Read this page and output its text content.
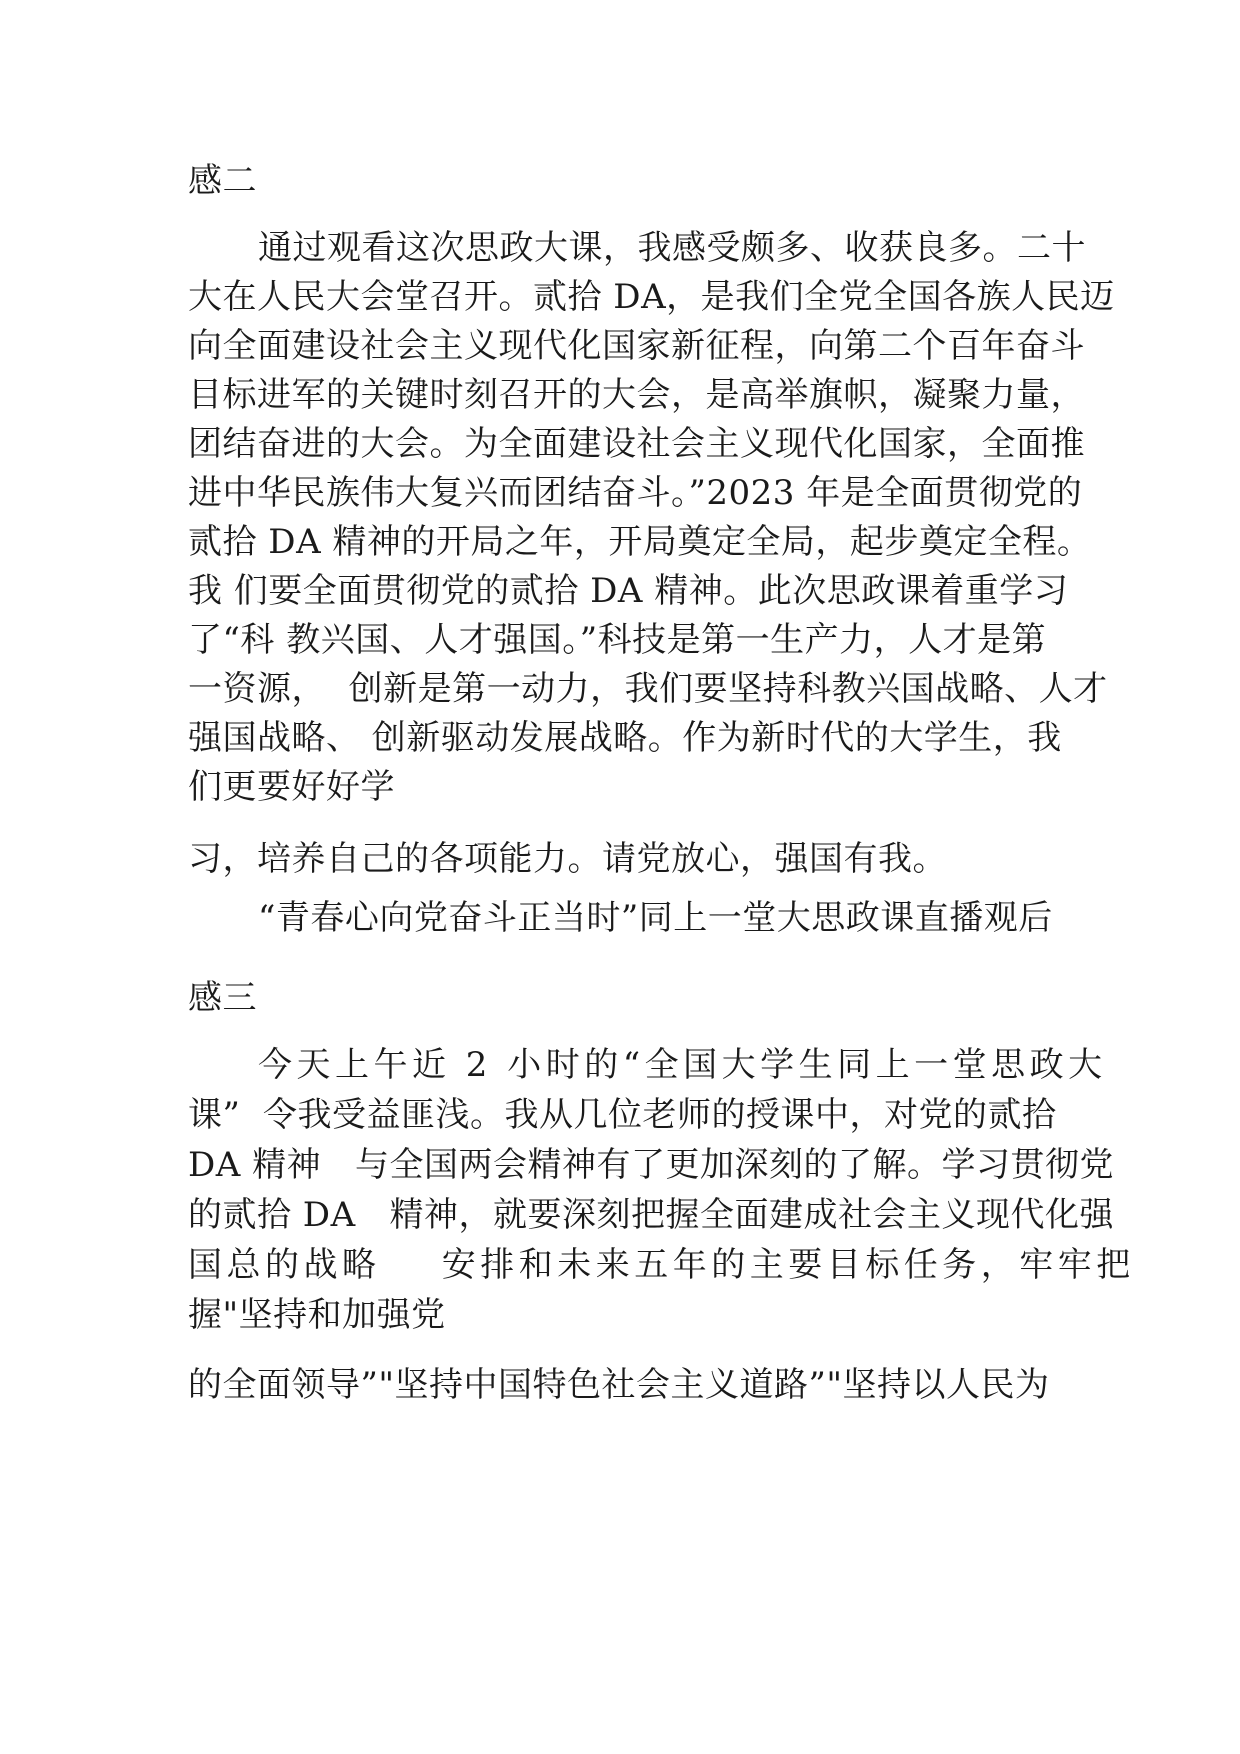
感二
通过观看这次思政大课，我感受颇多、收获良多。二十
大在人民大会堂召开。贰拾 DA，是我们全党全国各族人民迈
向全面建设社会主义现代化国家新征程，向第二个百年奋斗
目标进军的关键时刻召开的大会，是高举旗帜，凝聚力量，
团结奋进的大会。为全面建设社会主义现代化国家，全面推
进中华民族伟大复兴而团结奋斗。”2023 年是全面贯彻党的
贰拾 DA 精神的开局之年，开局奠定全局，起步奠定全程。
我 们要全面贯彻党的贰拾 DA 精神。此次思政课着重学习
了“科 教兴国、人才强国。”科技是第一生产力，人才是第
一资源，  创新是第一动力，我们要坚持科教兴国战略、人才
强国战略、 创新驱动发展战略。作为新时代的大学生，我
们更要好好学
习，培养自己的各项能力。请党放心，强国有我。
“青春心向党奋斗正当时”同上一堂大思政课直播观后
感三
今天上午近 2 小时的“全国大学生同上一堂思政大
课”  令我受益匪浅。我从几位老师的授课中，对党的贰拾
DA 精神   与全国两会精神有了更加深刻的了解。学习贯彻党
的贰拾 DA   精神，就要深刻把握全面建成社会主义现代化强
国总的战略    安排和未来五年的主要目标任务，牢牢把
握"坚持和加强党
的全面领导”"坚持中国特色社会主义道路”"坚持以人民为
